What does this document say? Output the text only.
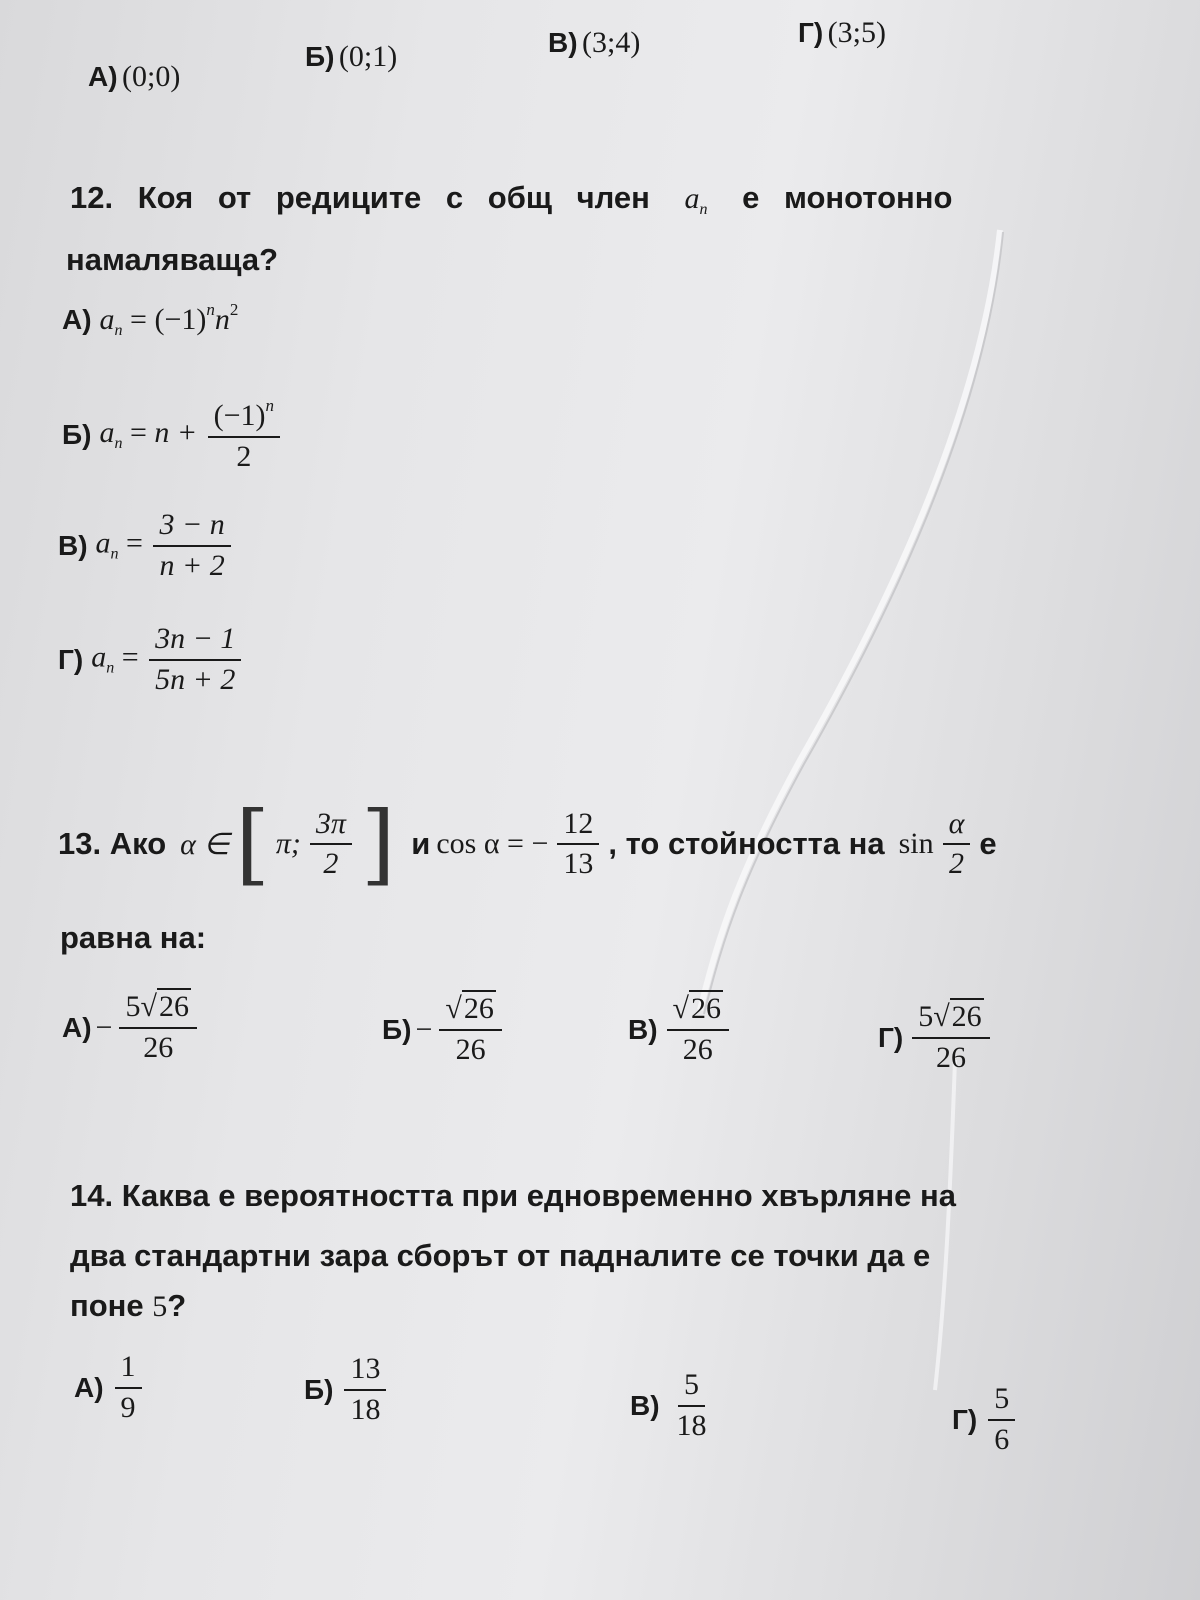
А) (0;0)
Б) (0;1)	В) (3;4)	Г) (3;5)
12. Коя от редиците с общ член $a_n$ е монотонно
намаляваща?
А) $a_n = (-1)^nn^2$
Б) $a_n = n + \frac{(-1)^n}{2}$
В) $a_n = \frac{3 - n}{n + 2}$
Г) $a_n = \frac{3n - 1}{5n + 2}$
13. Ако α ∈ [ π; $\frac{3\pi}{2}$ ] и cos α = − $\frac{12}{13}$ , то стойността на $\sin \frac{\alpha}{2}$ е
равна на:
$А) - \frac{5√26}{26}$	$Б) - \frac{√26}{26}$	$В) \frac{√26}{26}$	$Г) \frac{5√26}{26}$
14. Каква е вероятността при едновременно хвърляне на
два стандартни зара сборът от падналите се точки да е
поне 5?
$А) \frac{1}{9}$	$Б) \frac{13}{18}$	$В) \frac{5}{18}$	$Г) \frac{5}{6}$
